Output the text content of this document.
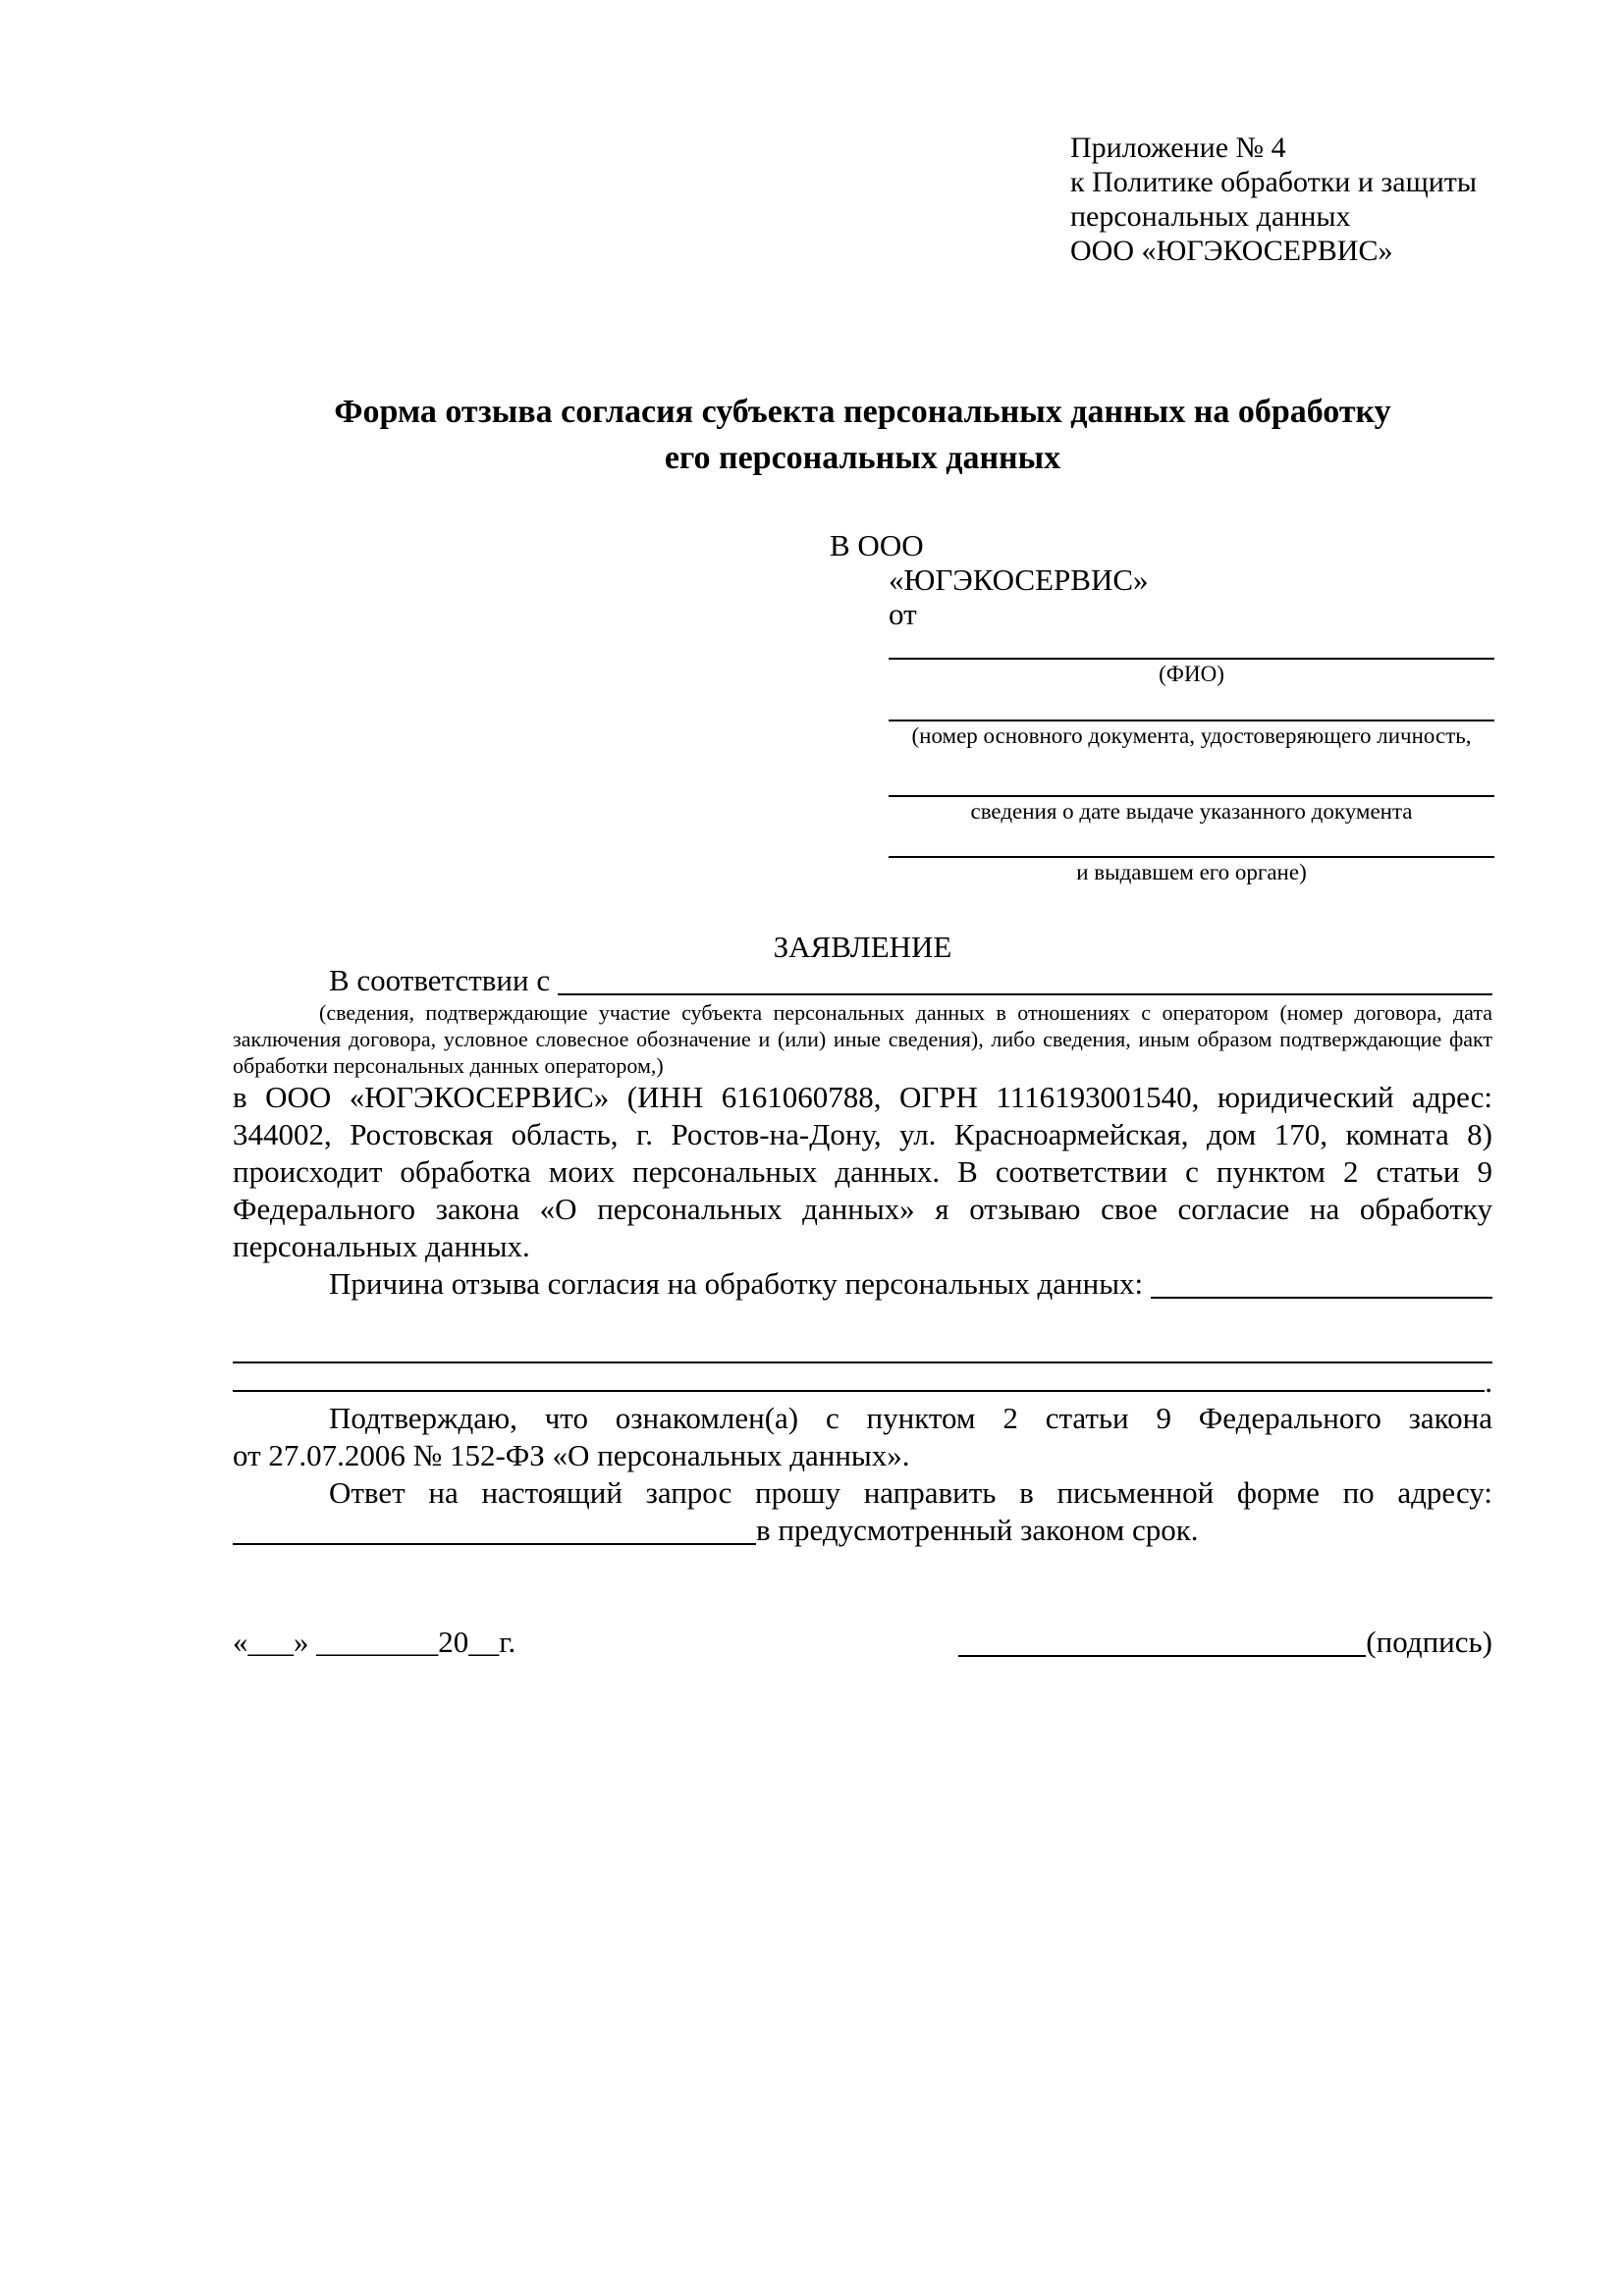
Приложение № 4
к Политике обработки и защиты
персональных данных
ООО «ЮГЭКОСЕРВИС»
Форма отзыва согласия субъекта персональных данных на обработку
его персональных данных
В ООО
«ЮГЭКОСЕРВИС»
от
(ФИО)
(номер основного документа, удостоверяющего личность,
сведения о дате выдаче указанного документа
и выдавшем его органе)
ЗАЯВЛЕНИЕ
В соответствии с
(сведения, подтверждающие участие субъекта персональных данных в отношениях с оператором (номер договора, дата заключения договора, условное словесное обозначение и (или) иные сведения), либо сведения, иным образом подтверждающие факт обработки персональных данных оператором,)
в ООО «ЮГЭКОСЕРВИС» (ИНН 6161060788, ОГРН 1116193001540, юридический адрес:
344002, Ростовская область, г. Ростов-на-Дону, ул. Красноармейская, дом 170, комната 8)
происходит обработка моих персональных данных. В соответствии с пунктом 2 статьи 9
Федерального закона «О персональных данных» я отзываю свое согласие на обработку
персональных данных.
Причина отзыва согласия на обработку персональных данных:
.
Подтверждаю, что ознакомлен(а) с пунктом 2 статьи 9 Федерального закона
от 27.07.2006 № 152-ФЗ «О персональных данных».
Ответ на настоящий запрос прошу направить в письменной форме по адресу:
в предусмотренный законом срок.
«___» ________20__г.	(подпись)
